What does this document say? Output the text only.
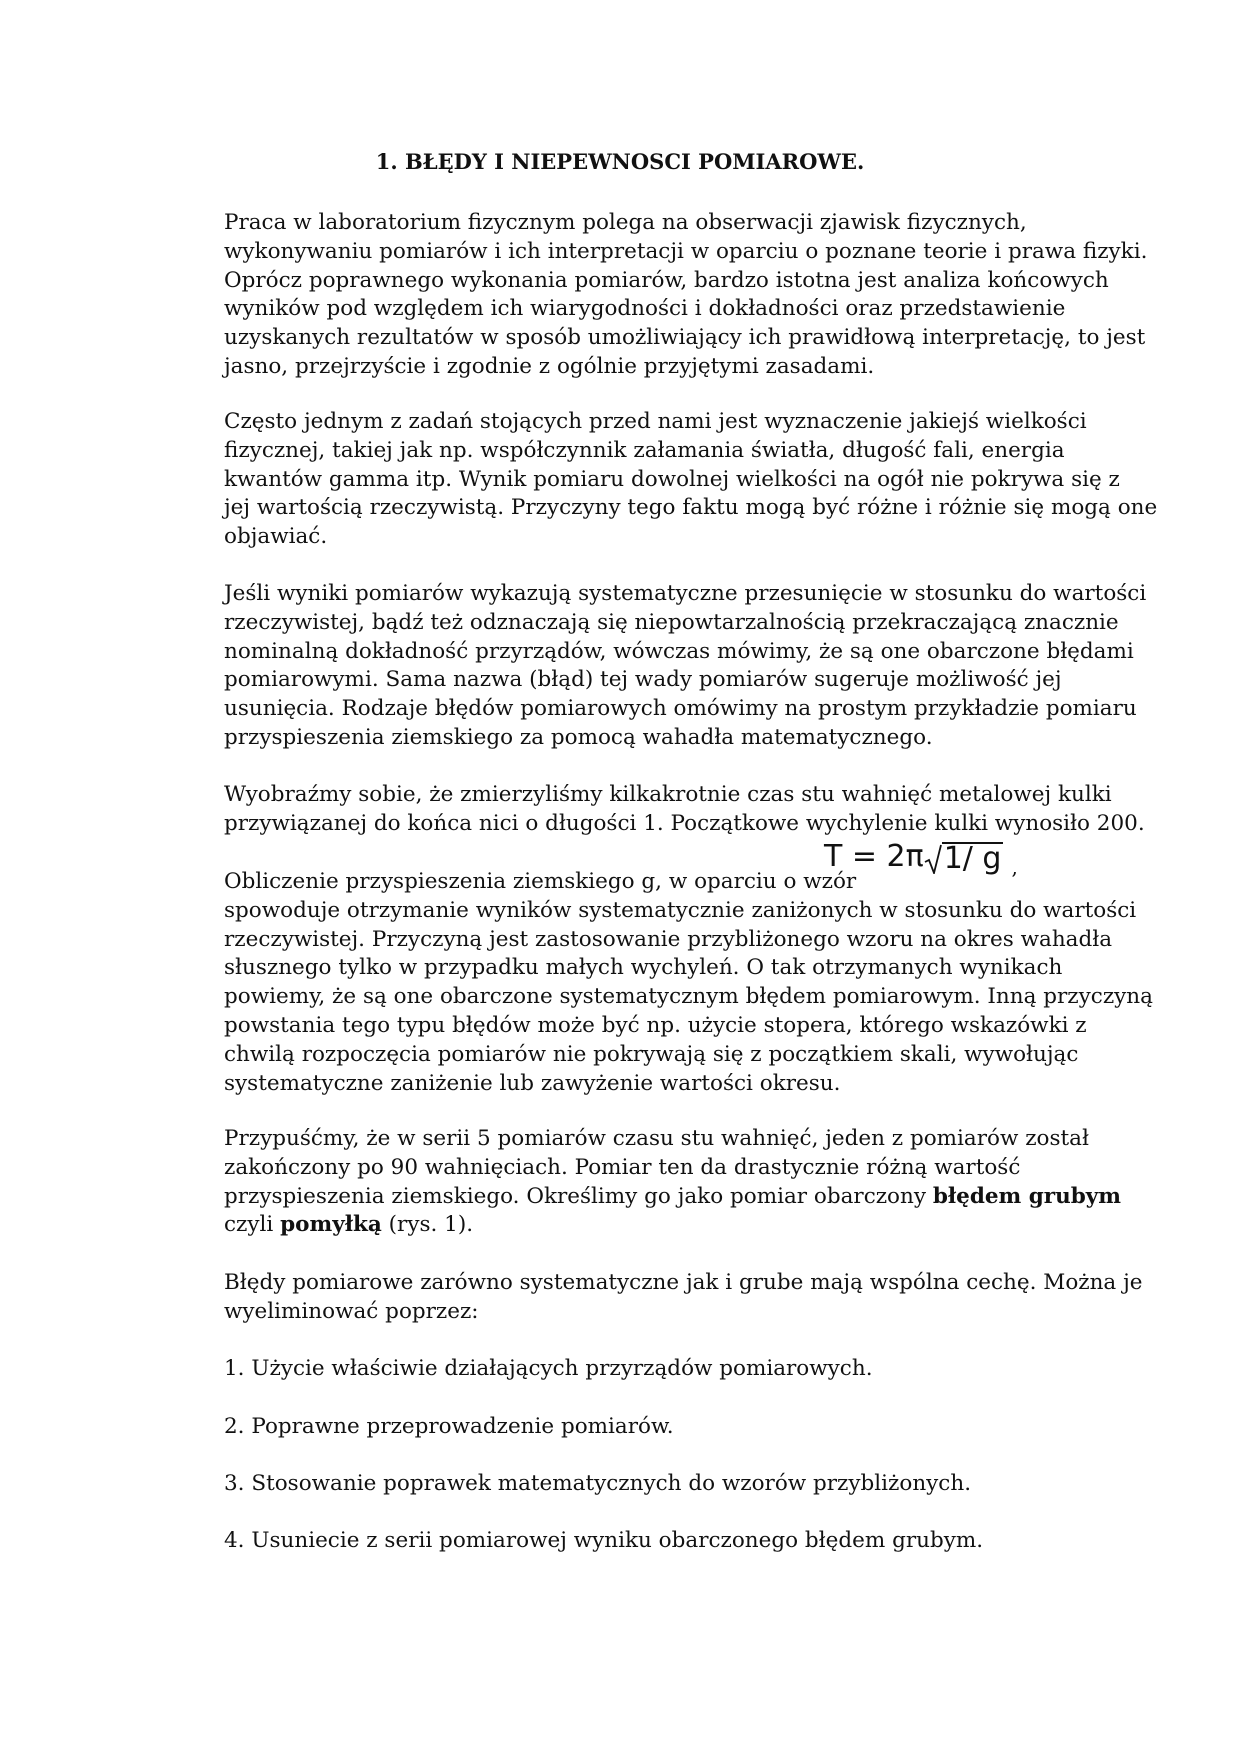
1. BŁĘDY I NIEPEWNOSCI POMIAROWE.

Praca w laboratorium fizycznym polega na obserwacji zjawisk fizycznych,
wykonywaniu pomiarów i ich interpretacji w oparciu o poznane teorie i prawa fizyki.
Oprócz poprawnego wykonania pomiarów, bardzo istotna jest analiza końcowych
wyników pod względem ich wiarygodności i dokładności oraz przedstawienie
uzyskanych rezultatów w sposób umożliwiający ich prawidłową interpretację, to jest
jasno, przejrzyście i zgodnie z ogólnie przyjętymi zasadami.

Często jednym z zadań stojących przed nami jest wyznaczenie jakiejś wielkości
fizycznej, takiej jak np. współczynnik załamania światła, długość fali, energia
kwantów gamma itp. Wynik pomiaru dowolnej wielkości na ogół nie pokrywa się z
jej wartością rzeczywistą. Przyczyny tego faktu mogą być różne i różnie się mogą one
objawiać.

Jeśli wyniki pomiarów wykazują systematyczne przesunięcie w stosunku do wartości
rzeczywistej, bądź też odznaczają się niepowtarzalnością przekraczającą znacznie
nominalną dokładność przyrządów, wówczas mówimy, że są one obarczone błędami
pomiarowymi. Sama nazwa (błąd) tej wady pomiarów sugeruje możliwość jej
usunięcia. Rodzaje błędów pomiarowych omówimy na prostym przykładzie pomiaru
przyspieszenia ziemskiego za pomocą wahadła matematycznego.

Wyobraźmy sobie, że zmierzyliśmy kilkakrotnie czas stu wahnięć metalowej kulki
przywiązanej do końca nici o długości 1. Początkowe wychylenie kulki wynosiło 200.

Obliczenie przyspieszenia ziemskiego g, w oparciu o wzór
T = 2 π 1/ g ,
spowoduje otrzymanie wyników systematycznie zaniżonych w stosunku do wartości
rzeczywistej. Przyczyną jest zastosowanie przybliżonego wzoru na okres wahadła
słusznego tylko w przypadku małych wychyleń. O tak otrzymanych wynikach
powiemy, że są one obarczone systematycznym błędem pomiarowym. Inną przyczyną
powstania tego typu błędów może być np. użycie stopera, którego wskazówki z
chwilą rozpoczęcia pomiarów nie pokrywają się z początkiem skali, wywołując
systematyczne zaniżenie lub zawyżenie wartości okresu.

Przypuśćmy, że w serii 5 pomiarów czasu stu wahnięć, jeden z pomiarów został
zakończony po 90 wahnięciach. Pomiar ten da drastycznie różną wartość
przyspieszenia ziemskiego. Określimy go jako pomiar obarczony błędem grubym
czyli pomyłką (rys. 1).

Błędy pomiarowe zarówno systematyczne jak i grube mają wspólna cechę. Można je
wyeliminować poprzez:

1. Użycie właściwie działających przyrządów pomiarowych.

2. Poprawne przeprowadzenie pomiarów.

3. Stosowanie poprawek matematycznych do wzorów przybliżonych.

4. Usuniecie z serii pomiarowej wyniku obarczonego błędem grubym.
